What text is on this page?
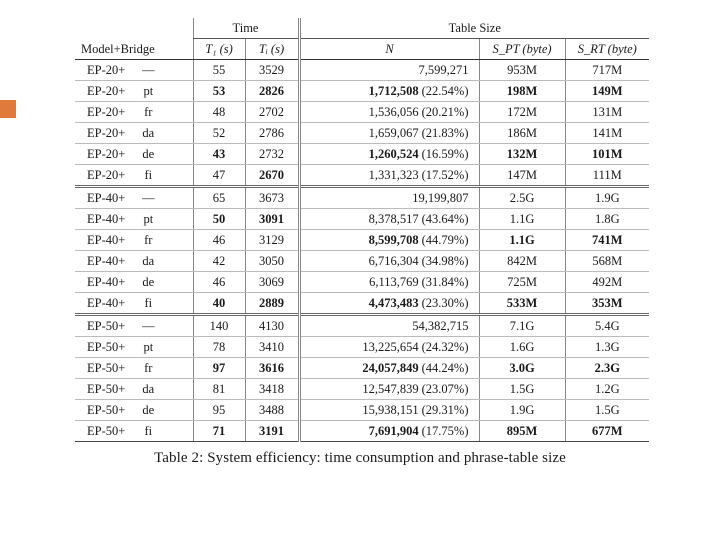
	Time		Table Size		
Model+Bridge	T₁ (s)	Tᵢ (s)	N	S_PT (byte)	S_RT (byte)
EP-20+ —	55	3529	7,599,271	953M	717M
EP-20+ pt	53	2826	1,712,508 (22.54%)	198M	149M
EP-20+ fr	48	2702	1,536,056 (20.21%)	172M	131M
EP-20+ da	52	2786	1,659,067 (21.83%)	186M	141M
EP-20+ de	43	2732	1,260,524 (16.59%)	132M	101M
EP-20+ fi	47	2670	1,331,323 (17.52%)	147M	111M
EP-40+ —	65	3673	19,199,807	2.5G	1.9G
EP-40+ pt	50	3091	8,378,517 (43.64%)	1.1G	1.8G
EP-40+ fr	46	3129	8,599,708 (44.79%)	1.1G	741M
EP-40+ da	42	3050	6,716,304 (34.98%)	842M	568M
EP-40+ de	46	3069	6,113,769 (31.84%)	725M	492M
EP-40+ fi	40	2889	4,473,483 (23.30%)	533M	353M
EP-50+ —	140	4130	54,382,715	7.1G	5.4G
EP-50+ pt	78	3410	13,225,654 (24.32%)	1.6G	1.3G
EP-50+ fr	97	3616	24,057,849 (44.24%)	3.0G	2.3G
EP-50+ da	81	3418	12,547,839 (23.07%)	1.5G	1.2G
EP-50+ de	95	3488	15,938,151 (29.31%)	1.9G	1.5G
EP-50+ fi	71	3191	7,691,904 (17.75%)	895M	677M
Table 2: System efficiency: time consumption and phrase-table size
